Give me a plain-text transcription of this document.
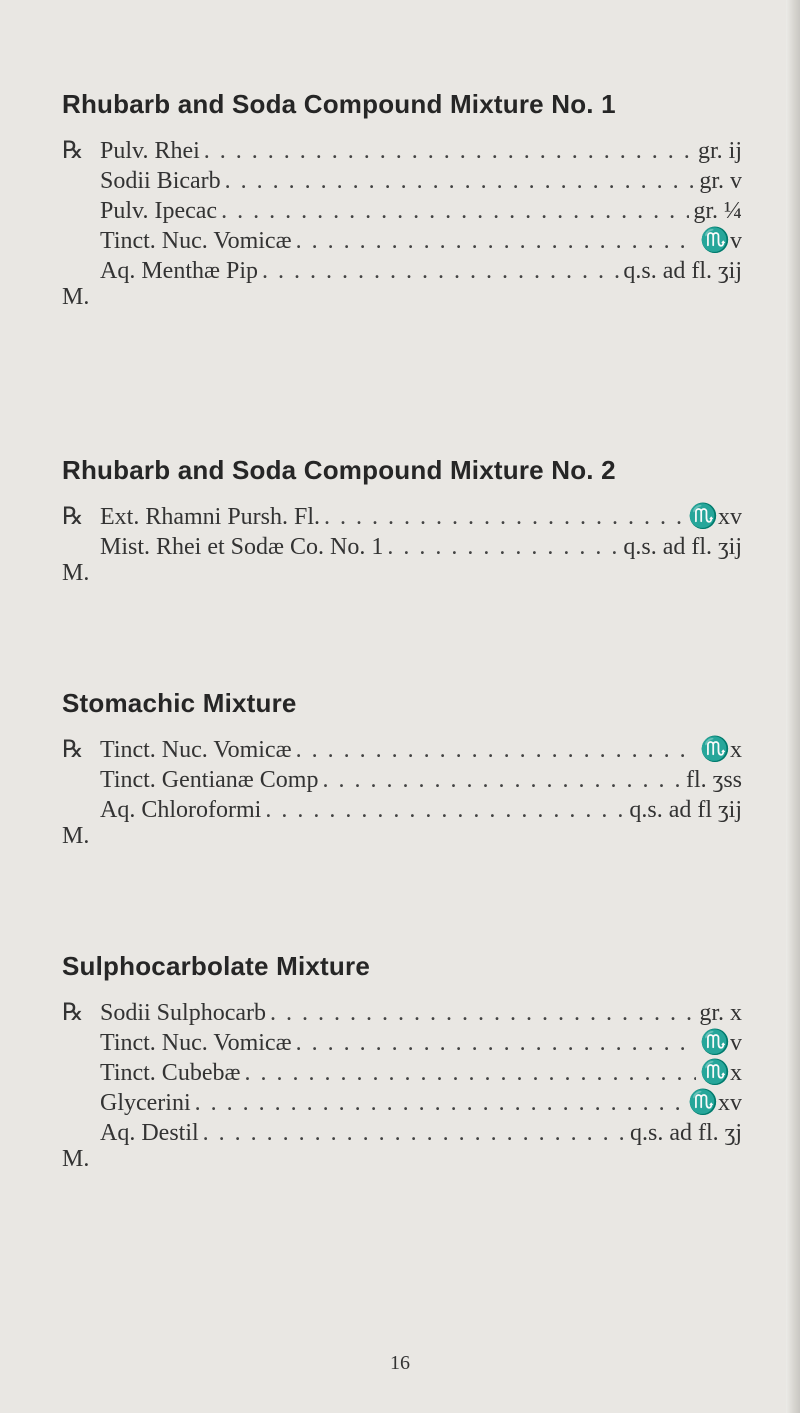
Rhubarb and Soda Compound Mixture No. 1
℞ Pulv. Rhei . . .	gr. ij
Sodii Bicarb . . .	gr. v
Pulv. Ipecac . . .	gr. ¼
Tinct. Nuc. Vomicæ . . .	♏v
Aq. Menthæ Pip . . .	q.s. ad fl. ʒij
M.
Rhubarb and Soda Compound Mixture No. 2
℞ Ext. Rhamni Pursh. Fl. . . .	♏xv
Mist. Rhei et Sodæ Co. No. 1 . . .	q.s. ad fl. ʒij
M.
Stomachic Mixture
℞ Tinct. Nuc. Vomicæ . . .	♏x
Tinct. Gentianæ Comp . . .	fl. ʒss
Aq. Chloroformi . . .	q.s. ad fl ʒij
M.
Sulphocarbolate Mixture
℞ Sodii Sulphocarb . . .	gr. x
Tinct. Nuc. Vomicæ . . .	♏v
Tinct. Cubebæ . . .	♏x
Glycerini . . .	♏xv
Aq. Destil . . .	q.s. ad fl. ʒj
M.
16
